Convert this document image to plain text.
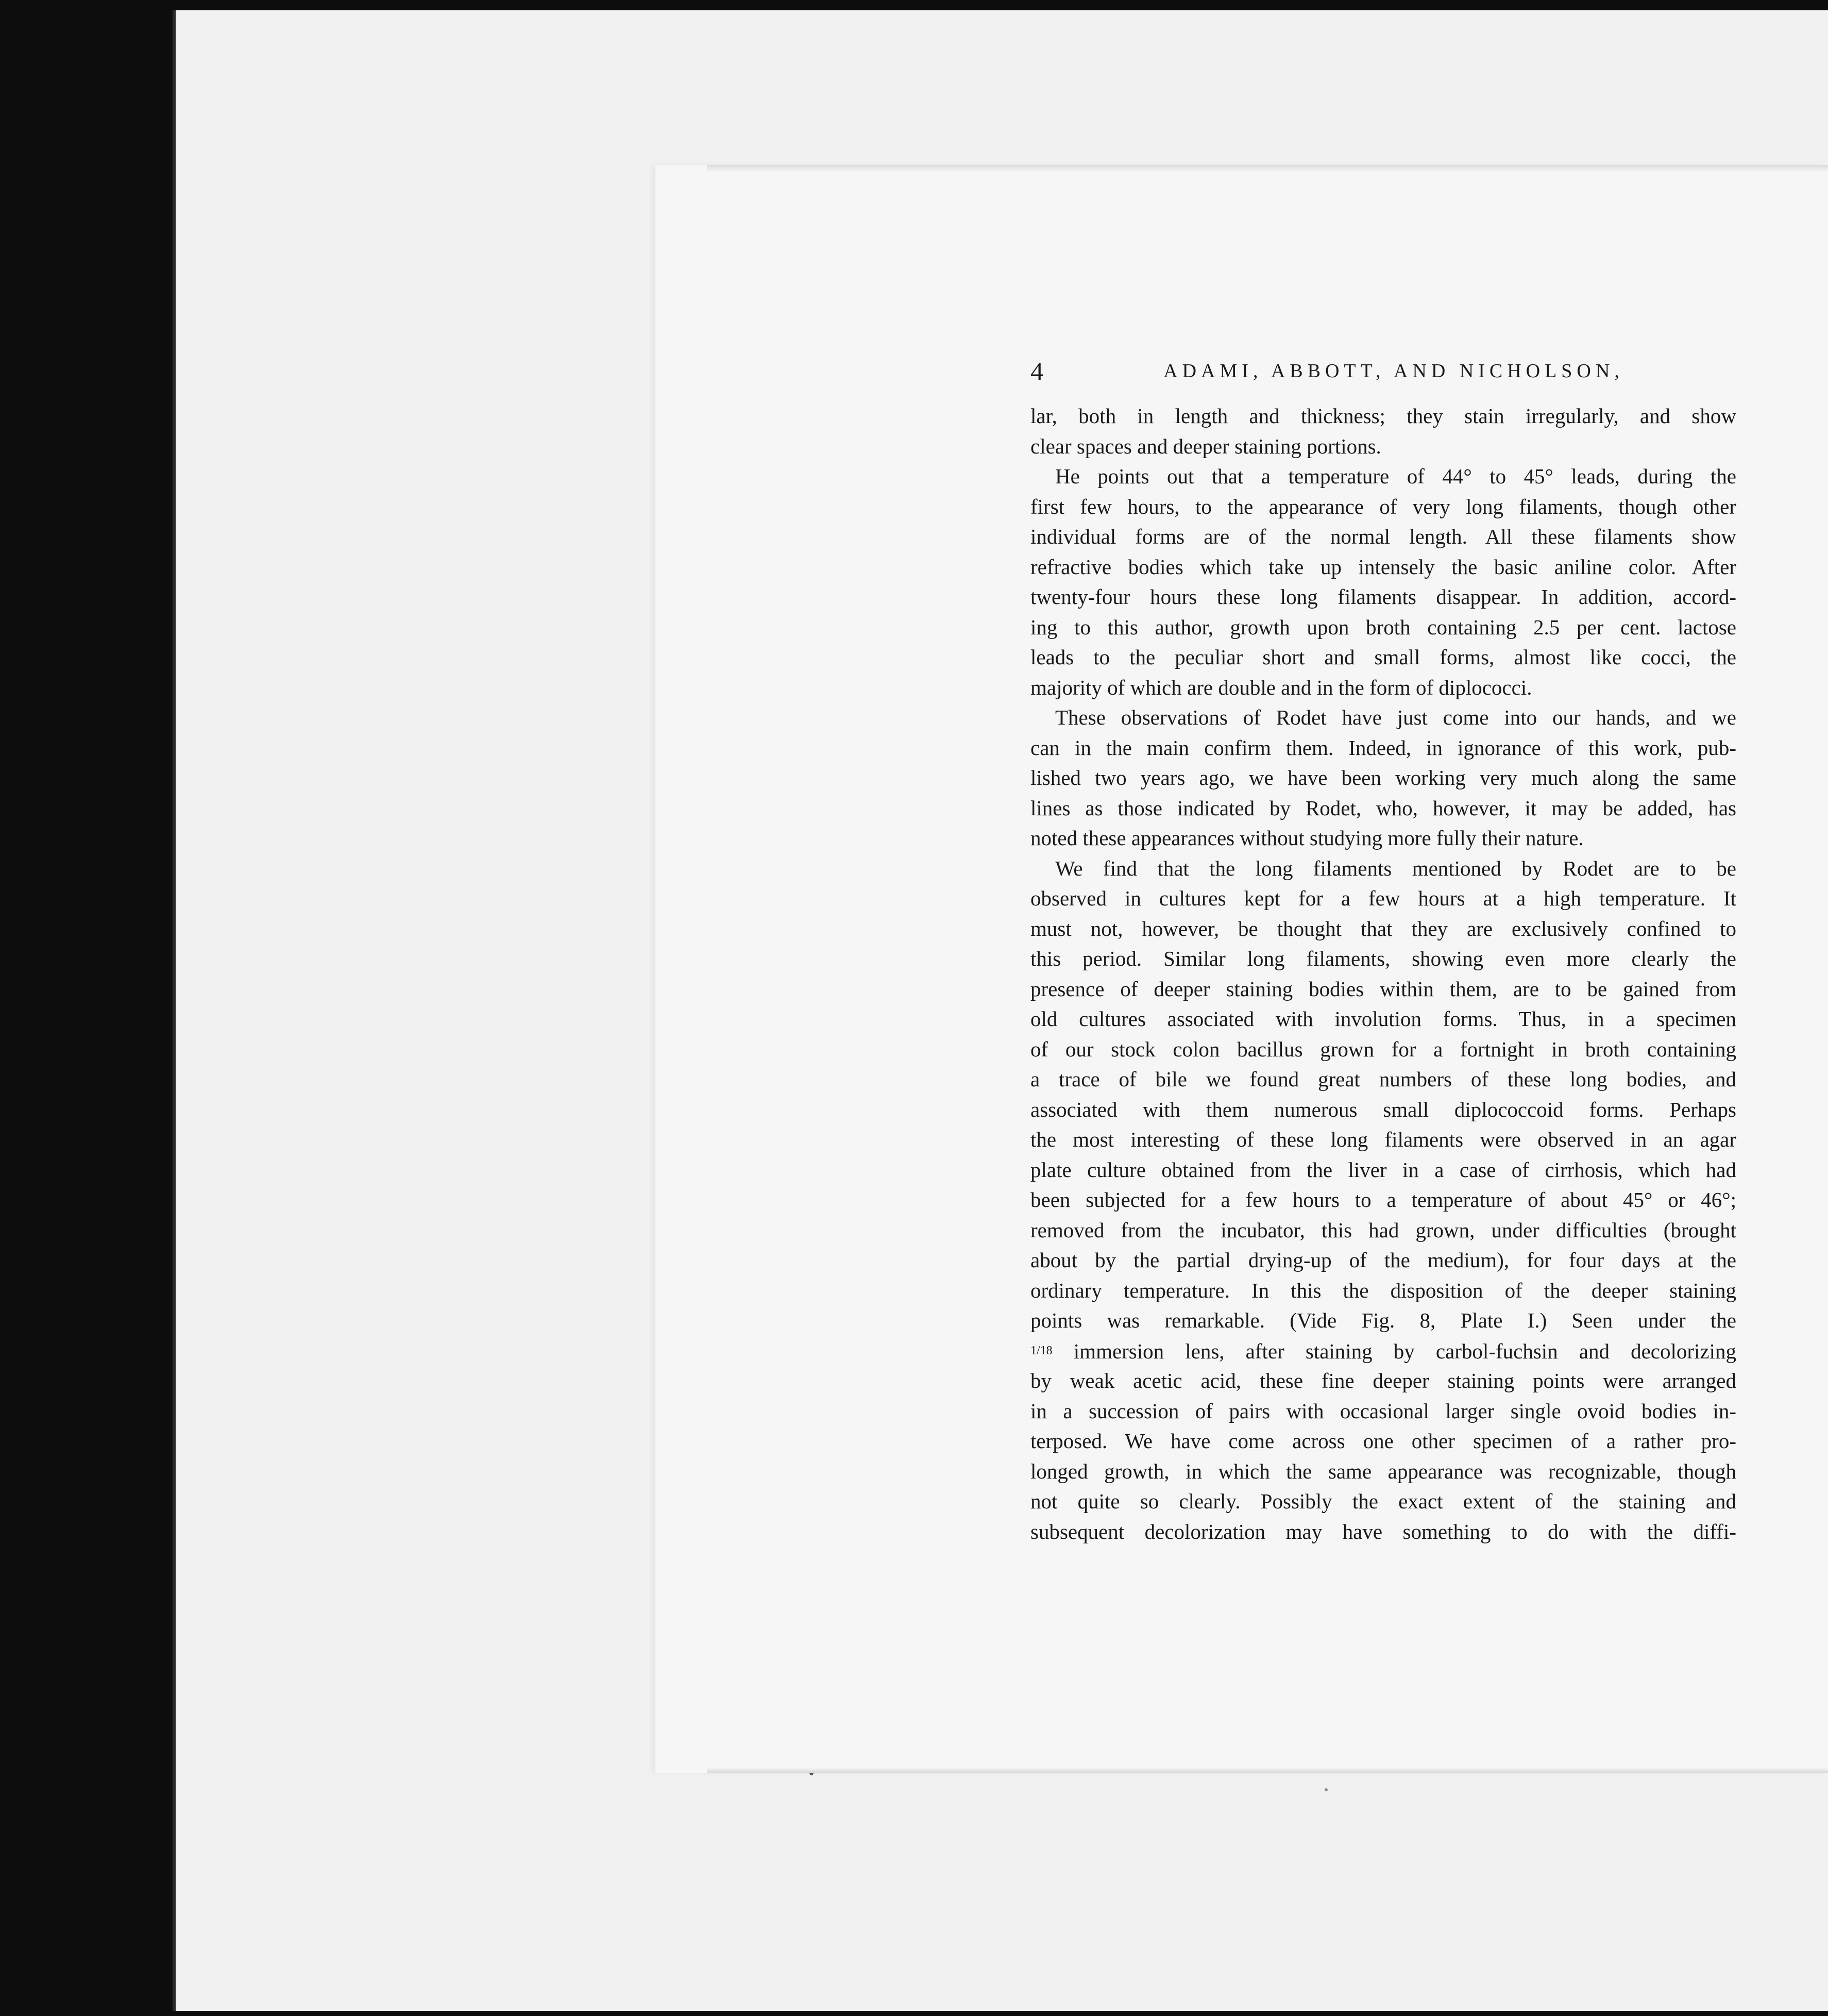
4	ADAMI, ABBOTT, AND NICHOLSON,
lar, both in length and thickness; they stain irregularly, and show
clear spaces and deeper staining portions.
He points out that a temperature of 44° to 45° leads, during the
first few hours, to the appearance of very long filaments, though other
individual forms are of the normal length. All these filaments show
refractive bodies which take up intensely the basic aniline color. After
twenty-four hours these long filaments disappear. In addition, accord-
ing to this author, growth upon broth containing 2.5 per cent. lactose
leads to the peculiar short and small forms, almost like cocci, the
majority of which are double and in the form of diplococci.
These observations of Rodet have just come into our hands, and we
can in the main confirm them. Indeed, in ignorance of this work, pub-
lished two years ago, we have been working very much along the same
lines as those indicated by Rodet, who, however, it may be added, has
noted these appearances without studying more fully their nature.
We find that the long filaments mentioned by Rodet are to be
observed in cultures kept for a few hours at a high temperature. It
must not, however, be thought that they are exclusively confined to
this period. Similar long filaments, showing even more clearly the
presence of deeper staining bodies within them, are to be gained from
old cultures associated with involution forms. Thus, in a specimen
of our stock colon bacillus grown for a fortnight in broth containing
a trace of bile we found great numbers of these long bodies, and
associated with them numerous small diplococcoid forms. Perhaps
the most interesting of these long filaments were observed in an agar
plate culture obtained from the liver in a case of cirrhosis, which had
been subjected for a few hours to a temperature of about 45° or 46°;
removed from the incubator, this had grown, under difficulties (brought
about by the partial drying-up of the medium), for four days at the
ordinary temperature. In this the disposition of the deeper staining
points was remarkable. (Vide Fig. 8, Plate I.) Seen under the
1/18 immersion lens, after staining by carbol-fuchsin and decolorizing
by weak acetic acid, these fine deeper staining points were arranged
in a succession of pairs with occasional larger single ovoid bodies in-
terposed. We have come across one other specimen of a rather pro-
longed growth, in which the same appearance was recognizable, though
not quite so clearly. Possibly the exact extent of the staining and
subsequent decolorization may have something to do with the diffi-
